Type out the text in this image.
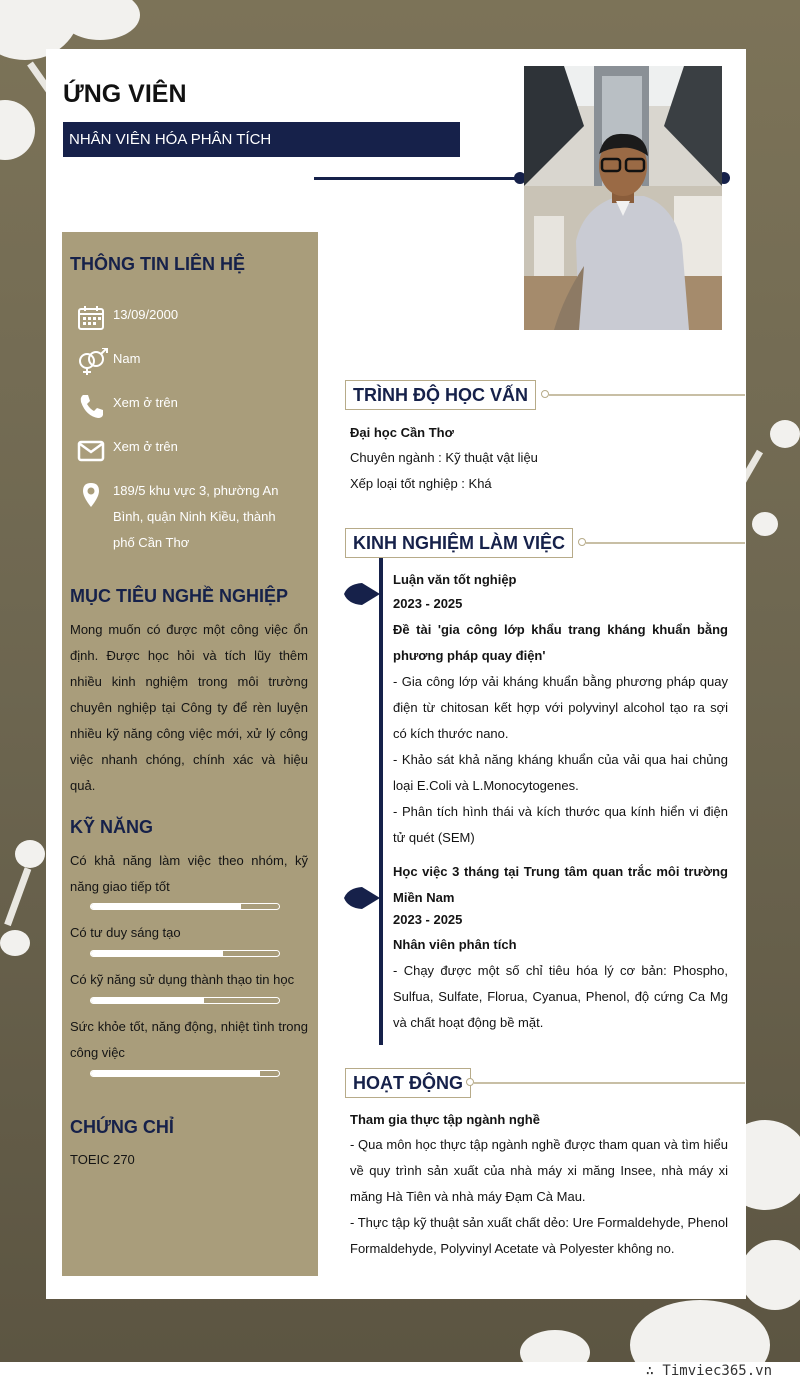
ỨNG VIÊN
NHÂN VIÊN HÓA PHÂN TÍCH
THÔNG TIN LIÊN HỆ
13/09/2000
Nam
Xem ở trên
Xem ở trên
189/5 khu vực 3, phường An Bình, quận Ninh Kiều, thành phố Cần Thơ
MỤC TIÊU NGHỀ NGHIỆP
Mong muốn có được một công việc ổn định. Được học hỏi và tích lũy thêm nhiều kinh nghiệm trong môi trường chuyên nghiệp tại Công ty để rèn luyện nhiều kỹ năng công việc mới, xử lý công việc nhanh chóng, chính xác và hiệu quả.
KỸ NĂNG
Có khả năng làm việc theo nhóm, kỹ năng giao tiếp tốt
Có tư duy sáng tạo
Có kỹ năng sử dụng thành thạo tin học
Sức khỏe tốt, năng động, nhiệt tình trong công việc
CHỨNG CHỈ
TOEIC 270
TRÌNH ĐỘ HỌC VẤN
Đại học Cần Thơ
Chuyên ngành : Kỹ thuật vật liệu
Xếp loại tốt nghiệp : Khá
KINH NGHIỆM LÀM VIỆC
Luận văn tốt nghiệp
2023 - 2025
Đề tài 'gia công lớp khẩu trang kháng khuẩn bằng phương pháp quay điện'
- Gia công lớp vải kháng khuẩn bằng phương pháp quay điện từ chitosan kết hợp với polyvinyl alcohol tạo ra sợi có kích thước nano.
- Khảo sát khả năng kháng khuẩn của vải qua hai chủng loại E.Coli và L.Monocytogenes.
- Phân tích hình thái và kích thước qua kính hiển vi điện tử quét (SEM)
Học việc 3 tháng tại Trung tâm quan trắc môi trường Miền Nam
2023 - 2025
Nhân viên phân tích
- Chạy được một số chỉ tiêu hóa lý cơ bản: Phospho, Sulfua, Sulfate, Florua, Cyanua, Phenol, độ cứng Ca Mg và chất hoạt động bề mặt.
HOẠT ĐỘNG
Tham gia thực tập ngành nghề
- Qua môn học thực tập ngành nghề được tham quan và tìm hiểu về quy trình sản xuất của nhà máy xi măng Insee, nhà máy xi măng Hà Tiên và nhà máy Đạm Cà Mau.
- Thực tập kỹ thuật sản xuất chất dẻo: Ure Formaldehyde, Phenol Formaldehyde, Polyvinyl Acetate và Polyester không no.
∴ Timviec365.vn
